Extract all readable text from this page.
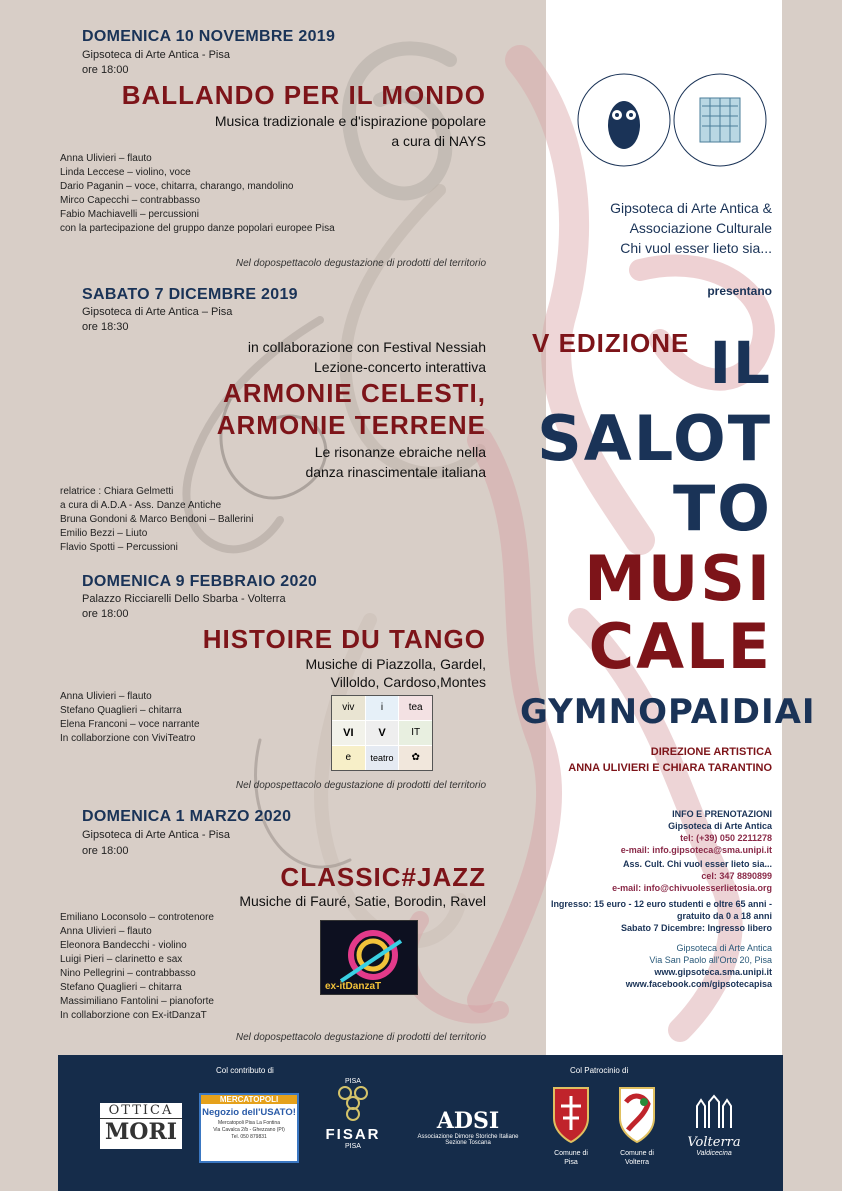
DOMENICA 10 NOVEMBRE 2019
Gipsoteca di Arte Antica - Pisa
ore 18:00
BALLANDO PER IL MONDO
Musica tradizionale e d'ispirazione popolare
a cura di NAYS
Anna Ulivieri – flauto
Linda Leccese – violino, voce
Dario Paganin – voce, chitarra, charango, mandolino
Mirco Capecchi – contrabbasso
Fabio Machiavelli – percussioni
con la partecipazione del gruppo danze popolari europee Pisa
Nel dopospettacolo degustazione di prodotti del territorio
SABATO 7 DICEMBRE 2019
Gipsoteca di Arte Antica – Pisa
ore 18:30
in collaborazione con Festival Nessiah
Lezione-concerto interattiva
ARMONIE CELESTI,
ARMONIE TERRENE
Le risonanze ebraiche nella
danza rinascimentale italiana
relatrice : Chiara Gelmetti
a cura di A.D.A - Ass. Danze Antiche
Bruna Gondoni & Marco Bendoni – Ballerini
Emilio Bezzi – Liuto
Flavio Spotti – Percussioni
DOMENICA 9 FEBBRAIO 2020
Palazzo Ricciarelli Dello Sbarba - Volterra
ore 18:00
HISTOIRE DU TANGO
Musiche di Piazzolla, Gardel,
Villoldo, Cardoso,Montes
Anna Ulivieri – flauto
Stefano Quaglieri – chitarra
Elena Franconi – voce narrante
In collaborzione con ViviTeatro
viv	i	tea
VI	V	IT
e	teatro	✿
Nel dopospettacolo degustazione di prodotti del territorio
DOMENICA 1 MARZO 2020
Gipsoteca di Arte Antica - Pisa
ore 18:00
CLASSIC#JAZZ
Musiche di Fauré, Satie, Borodin, Ravel
Emiliano Loconsolo – controtenore
Anna Ulivieri – flauto
Eleonora Bandecchi - violino
Luigi Pieri – clarinetto e sax
Nino Pellegrini – contrabbasso
Stefano Quaglieri – chitarra
Massimiliano Fantolini – pianoforte
In collaborzione con Ex-itDanzaT
ex-itDanzaT
Nel dopospettacolo degustazione di prodotti del territorio
Gipsoteca di Arte Antica &
Associazione Culturale
Chi vuol esser lieto sia...
presentano
V EDIZIONE IL
SALOT
TO
MUSI
CALE
GYMNOPAIDIAI
DIREZIONE ARTISTICA
ANNA ULIVIERI E CHIARA TARANTINO
INFO E PRENOTAZIONI
Gipsoteca di Arte Antica
tel: (+39) 050 2211278
e-mail: info.gipsoteca@sma.unipi.it
Ass. Cult. Chi vuol esser lieto sia...
cel: 347 8890899
e-mail: info@chivuolesserlietosia.org
Ingresso: 15 euro - 12 euro studenti e oltre 65 anni -
gratuito da 0 a 18 anni
Sabato 7 Dicembre: Ingresso libero
Gipsoteca di Arte Antica
Via San Paolo all'Orto 20, Pisa
www.gipsoteca.sma.unipi.it
www.facebook.com/gipsotecapisa
Col contributo di	Col Patrocinio di
OTTICA
MORI
MERCATOPOLI
Negozio dell'USATO!
Mercatopoli Pisa La Fontina
Via Cavalca 2/b - Ghezzano (PI)
Tel. 050 879831
PISA
FISAR
PISA
ADSI
Associazione Dimore Storiche Italiane
Sezione Toscana
Comune di
Pisa
Comune di
Volterra
Volterra
Valdicecina
